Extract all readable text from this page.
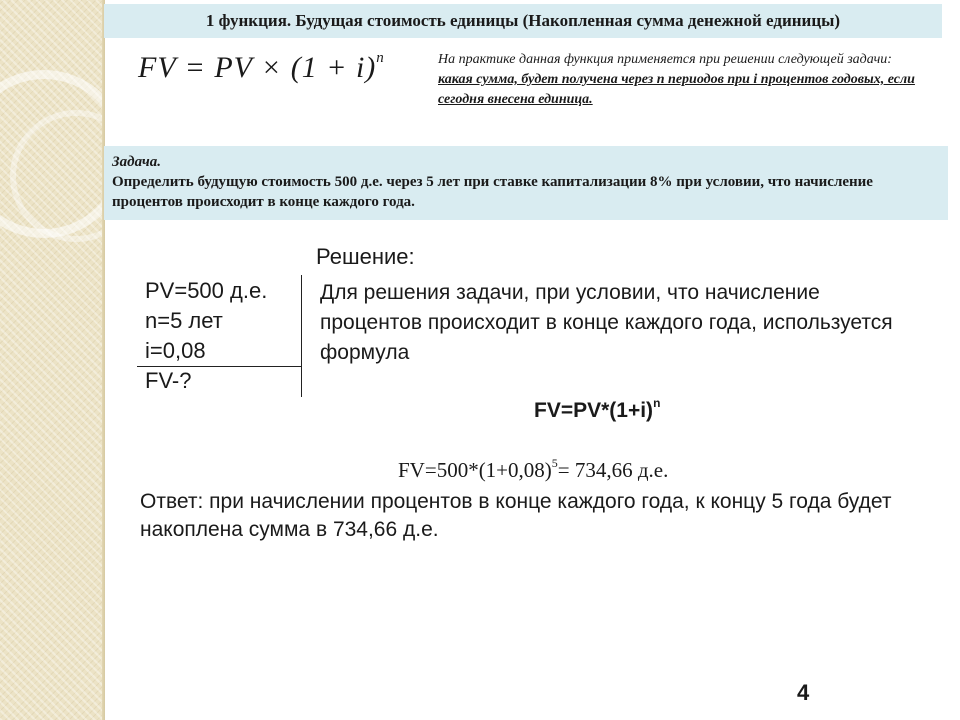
1 функция. Будущая стоимость единицы (Накопленная сумма денежной единицы)
FV = PV × $(1 + i)^n$	На практике данная функция применяется при решении следующей задачи: какая сумма, будет получена через n периодов при i процентов годовых, если сегодня внесена единица.
Задача.
Определить будущую стоимость 500 д.е. через 5 лет при ставке капитализации 8% при условии, что начисление процентов происходит в конце каждого года.
PV=500 д.е.
n=5 лет
i=0,08
FV-?
Решение:
Для решения задачи, при условии, что начисление процентов происходит в конце каждого года, используется формула
$FV=PV*(1+i)^n$
$FV=500*(1+0,08)^5= 734,66$ д.е.
Ответ: при начислении процентов в конце каждого года, к концу 5 года будет накоплена сумма в 734,66 д.е.
4
